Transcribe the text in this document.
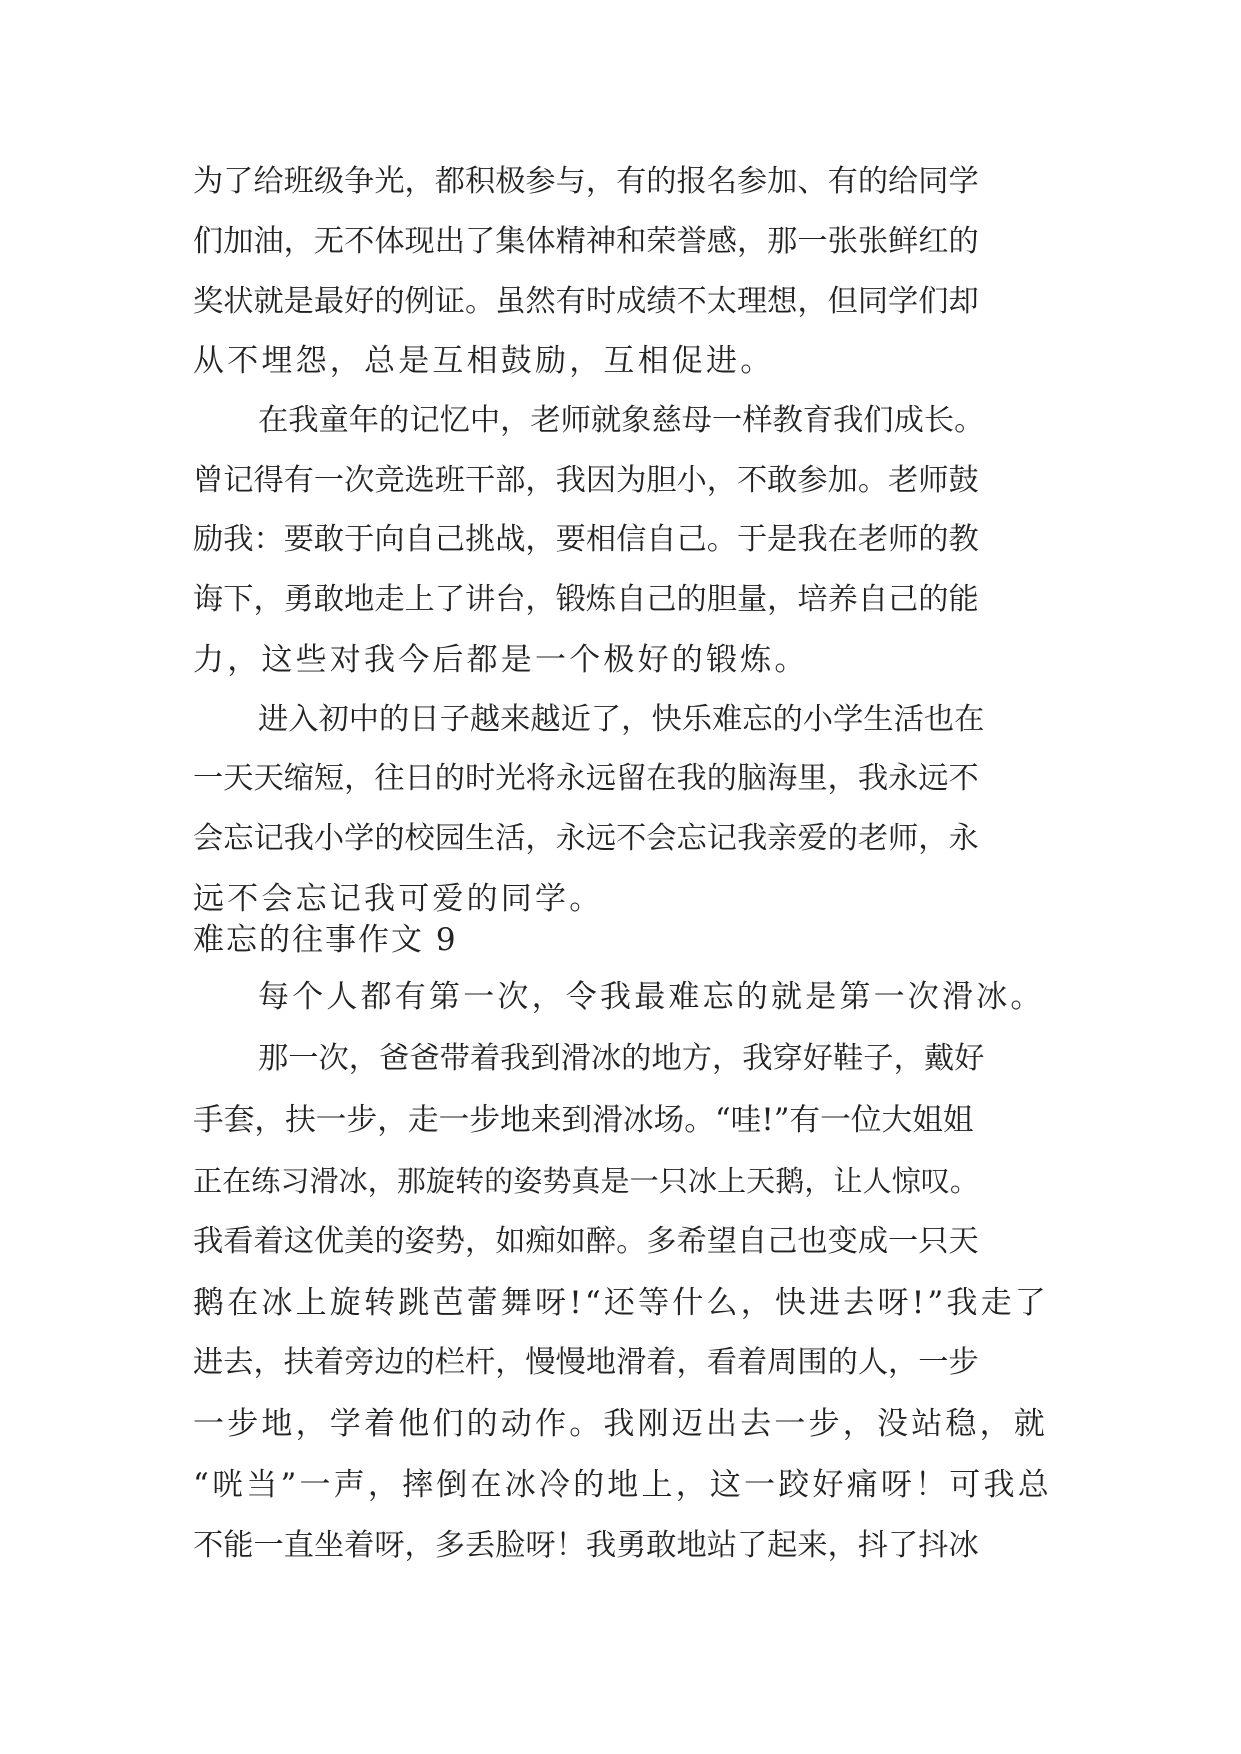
为了给班级争光，都积极参与，有的报名参加、有的给同学
们加油，无不体现出了集体精神和荣誉感，那一张张鲜红的
奖状就是最好的例证。虽然有时成绩不太理想，但同学们却
从不埋怨，总是互相鼓励，互相促进。
在我童年的记忆中，老师就象慈母一样教育我们成长。
曾记得有一次竞选班干部，我因为胆小，不敢参加。老师鼓
励我：要敢于向自己挑战，要相信自己。于是我在老师的教
诲下，勇敢地走上了讲台，锻炼自己的胆量，培养自己的能
力，这些对我今后都是一个极好的锻炼。
进入初中的日子越来越近了，快乐难忘的小学生活也在
一天天缩短，往日的时光将永远留在我的脑海里，我永远不
会忘记我小学的校园生活，永远不会忘记我亲爱的老师，永
远不会忘记我可爱的同学。
难忘的往事作文 9
每个人都有第一次，令我最难忘的就是第一次滑冰。
那一次，爸爸带着我到滑冰的地方，我穿好鞋子，戴好
手套，扶一步，走一步地来到滑冰场。“哇!”有一位大姐姐
正在练习滑冰，那旋转的姿势真是一只冰上天鹅，让人惊叹。
我看着这优美的姿势，如痴如醉。多希望自己也变成一只天
鹅在冰上旋转跳芭蕾舞呀!“还等什么，快进去呀!”我走了
进去，扶着旁边的栏杆，慢慢地滑着，看着周围的人，一步
一步地，学着他们的动作。我刚迈出去一步，没站稳，就
“咣当”一声，摔倒在冰冷的地上，这一跤好痛呀！可我总
不能一直坐着呀，多丢脸呀！我勇敢地站了起来，抖了抖冰
